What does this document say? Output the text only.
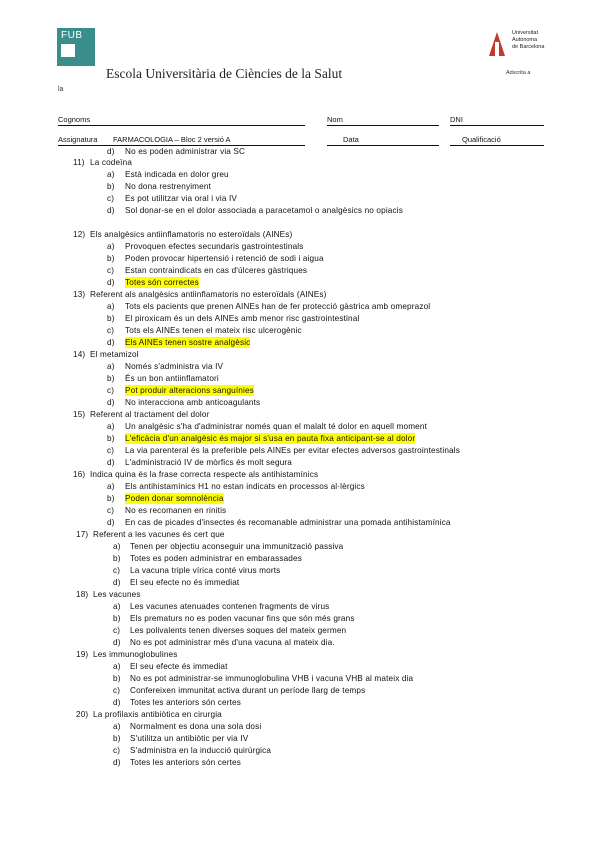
FUB	Universitat
Autònoma
de Barcelona
Escola Universitària de Ciències de la Salut	Adscrita a
la
Cognoms	Nom	DNI
Assignatura FARMACOLOGIA – Bloc 2 versió A	Data	Qualificació
d) No es poden administrar via SC
11) La codeïna
a) Està indicada en dolor greu
b) No dona restrenyiment
c) Es pot utilitzar via oral i via IV
d) Sol donar-se en el dolor associada a paracetamol o analgèsics no opiacis
12) Els analgèsics antiinflamatoris no esteroïdals (AINEs)
a) Provoquen efectes secundaris gastrointestinals
b) Poden provocar hipertensió i retenció de sodi i aigua
c) Estan contraindicats en cas d'úlceres gàstriques
d) Totes són correctes
13) Referent als analgèsics antiinflamatoris no esteroïdals (AINEs)
a) Tots els pacients que prenen AINEs han de fer protecció gàstrica amb omeprazol
b) El piroxicam és un dels AINEs amb menor risc gastrointestinal
c) Tots els AINEs tenen el mateix risc ulcerogènic
d) Els AINEs tenen sostre analgèsic
14) El metamizol
a) Només s'administra via IV
b) És un bon antiinflamatori
c) Pot produir alteracions sanguínies
d) No interacciona amb anticoagulants
15) Referent al tractament del dolor
a) Un analgèsic s'ha d'administrar només quan el malalt té dolor en aquell moment
b) L'eficàcia d'un analgèsic és major si s'usa en pauta fixa anticipant-se al dolor
c) La via parenteral és la preferible pels AINEs per evitar efectes adversos gastrointestinals
d) L'administració IV de mòrfics és molt segura
16) Indica quina és la frase correcta respecte als antihistamínics
a) Els antihistamínics H1 no estan indicats en processos al·lèrgics
b) Poden donar somnolència
c) No es recomanen en rinitis
d) En cas de picades d'insectes és recomanable administrar una pomada antihistamínica
17) Referent a les vacunes és cert que
a) Tenen per objectiu aconseguir una immunització passiva
b) Totes es poden administrar en embarassades
c) La vacuna triple vírica conté virus morts
d) El seu efecte no és immediat
18) Les vacunes
a) Les vacunes atenuades contenen fragments de virus
b) Els prematurs no es poden vacunar fins que són més grans
c) Les polivalents tenen diverses soques del mateix germen
d) No es pot administrar més d'una vacuna al mateix dia.
19) Les immunoglobulines
a) El seu efecte és immediat
b) No es pot administrar-se immunoglobulina VHB i vacuna VHB al mateix dia
c) Confereixen immunitat activa durant un període llarg de temps
d) Totes les anteriors són certes
20) La profilaxis antibiòtica en cirurgia
a) Normalment es dona una sola dosi
b) S'utilitza un antibiòtic per via IV
c) S'administra en la inducció quirúrgica
d) Totes les anteriors són certes
